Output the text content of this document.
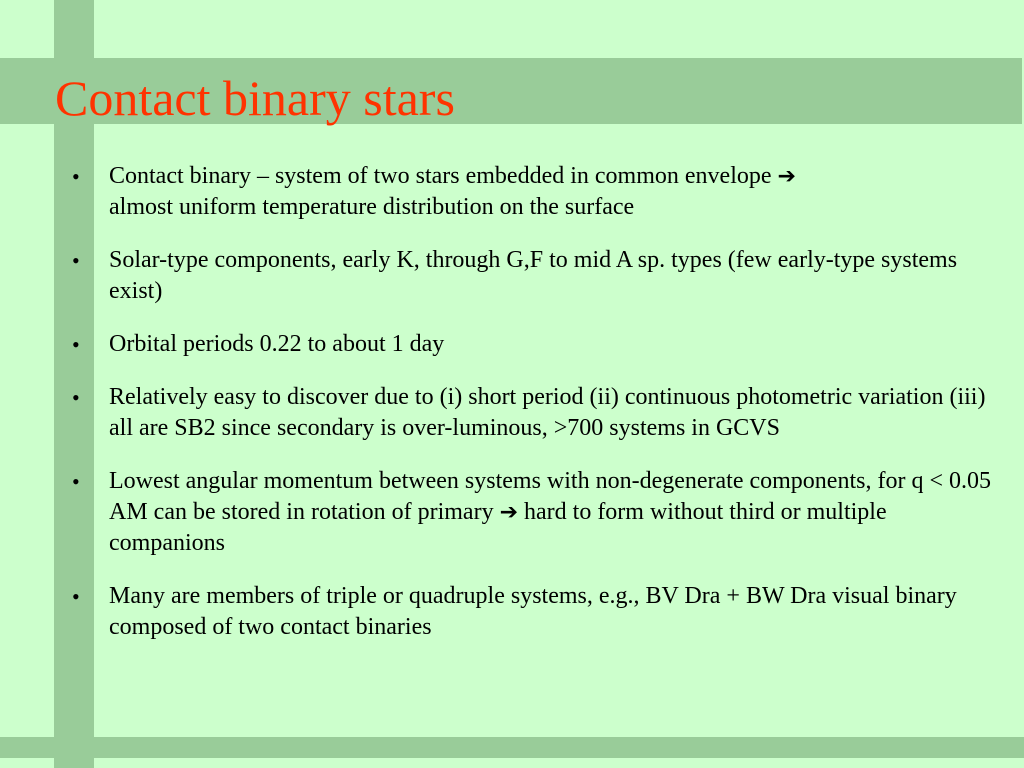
Contact binary stars
• Contact binary – system of two stars embedded in common envelope ➔
almost uniform temperature distribution on the surface
• Solar-type components, early K, through G,F to mid A sp. types (few early-type systems exist)
• Orbital periods 0.22 to about 1 day
• Relatively easy to discover due to (i) short period (ii) continuous photometric variation (iii) all are SB2 since secondary is over-luminous, >700 systems in GCVS
• Lowest angular momentum between systems with non-degenerate components, for q < 0.05 AM can be stored in rotation of primary ➔ hard to form without third or multiple companions
• Many are members of triple or quadruple systems, e.g., BV Dra + BW Dra visual binary composed of two contact binaries
